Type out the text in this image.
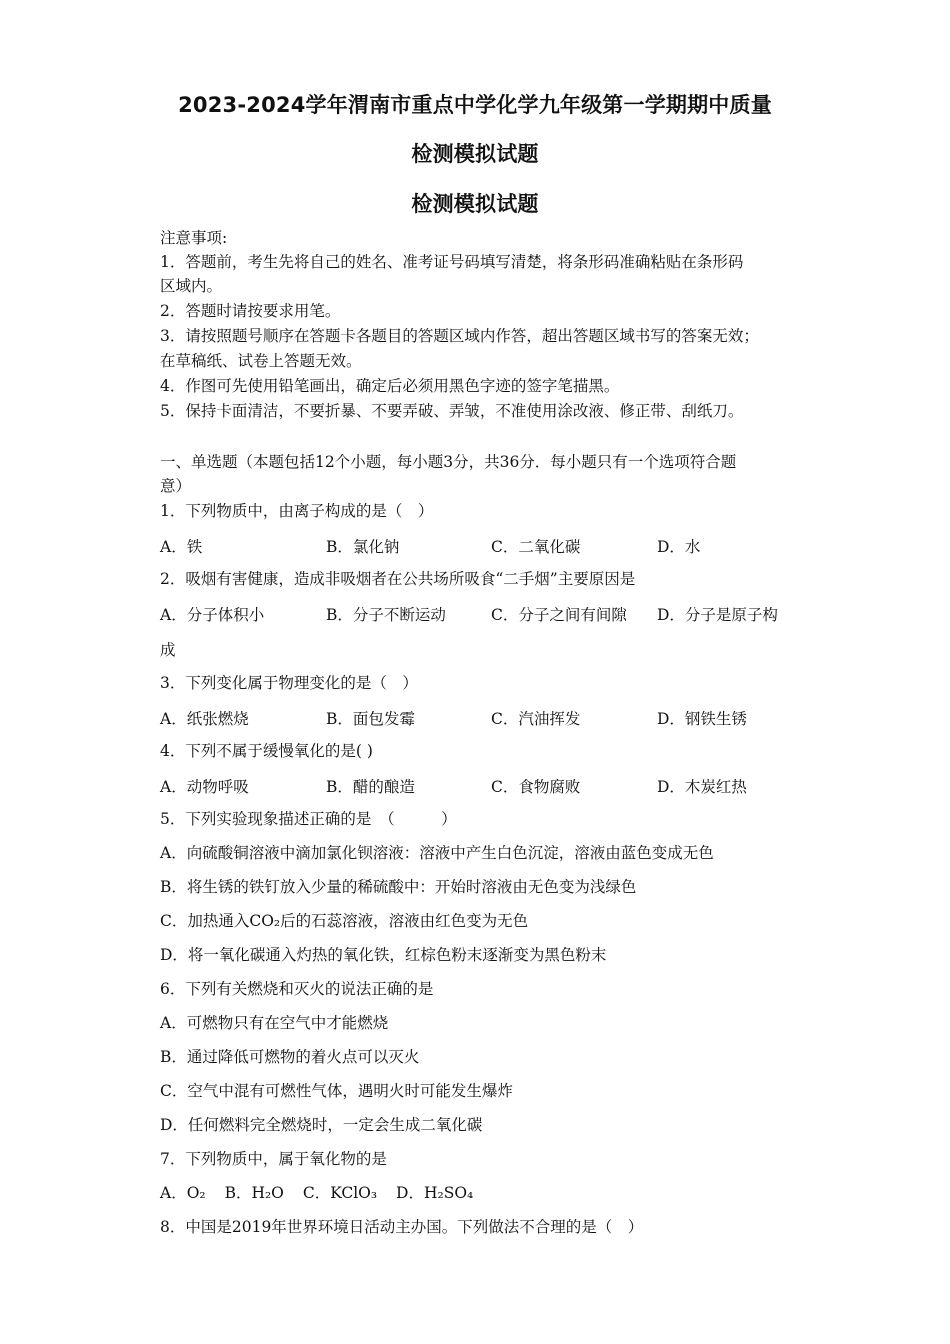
2023-2024学年渭南市重点中学化学九年级第一学期期中质量
检测模拟试题
检测模拟试题
注意事项:
1．答题前，考生先将自己的姓名、准考证号码填写清楚，将条形码准确粘贴在条形码
区域内。
2．答题时请按要求用笔。
3．请按照题号顺序在答题卡各题目的答题区域内作答，超出答题区域书写的答案无效；
在草稿纸、试卷上答题无效。
4．作图可先使用铅笔画出，确定后必须用黑色字迹的签字笔描黑。
5．保持卡面清洁，不要折暴、不要弄破、弄皱，不准使用涂改液、修正带、刮纸刀。
一、单选题（本题包括12个小题，每小题3分，共36分．每小题只有一个选项符合题
意）
1．下列物质中，由离子构成的是（　）
A．铁	B．氯化钠	C．二氧化碳	D．水
2．吸烟有害健康，造成非吸烟者在公共场所吸食“二手烟”主要原因是
A．分子体积小	B．分子不断运动	C．分子之间有间隙 D．分子是原子构
成
3．下列变化属于物理变化的是（　）
A．纸张燃烧	B．面包发霉	C．汽油挥发	D．钢铁生锈
4．下列不属于缓慢氧化的是( )
A．动物呼吸	B．醋的酿造	C．食物腐败	D．木炭红热
5．下列实验现象描述正确的是　（　　　）
A．向硫酸铜溶液中滴加氯化钡溶液：溶液中产生白色沉淀，溶液由蓝色变成无色
B．将生锈的铁钉放入少量的稀硫酸中：开始时溶液由无色变为浅绿色
C．加热通入CO₂后的石蕊溶液，溶液由红色变为无色
D．将一氧化碳通入灼热的氧化铁，红棕色粉末逐渐变为黑色粉末
6．下列有关燃烧和灭火的说法正确的是
A．可燃物只有在空气中才能燃烧
B．通过降低可燃物的着火点可以灭火
C．空气中混有可燃性气体，遇明火时可能发生爆炸
D．任何燃料完全燃烧时，一定会生成二氧化碳
7．下列物质中，属于氧化物的是
A．O₂ B．H₂O C．KClO₃ D．H₂SO₄
8．中国是2019年世界环境日活动主办国。下列做法不合理的是（　）
